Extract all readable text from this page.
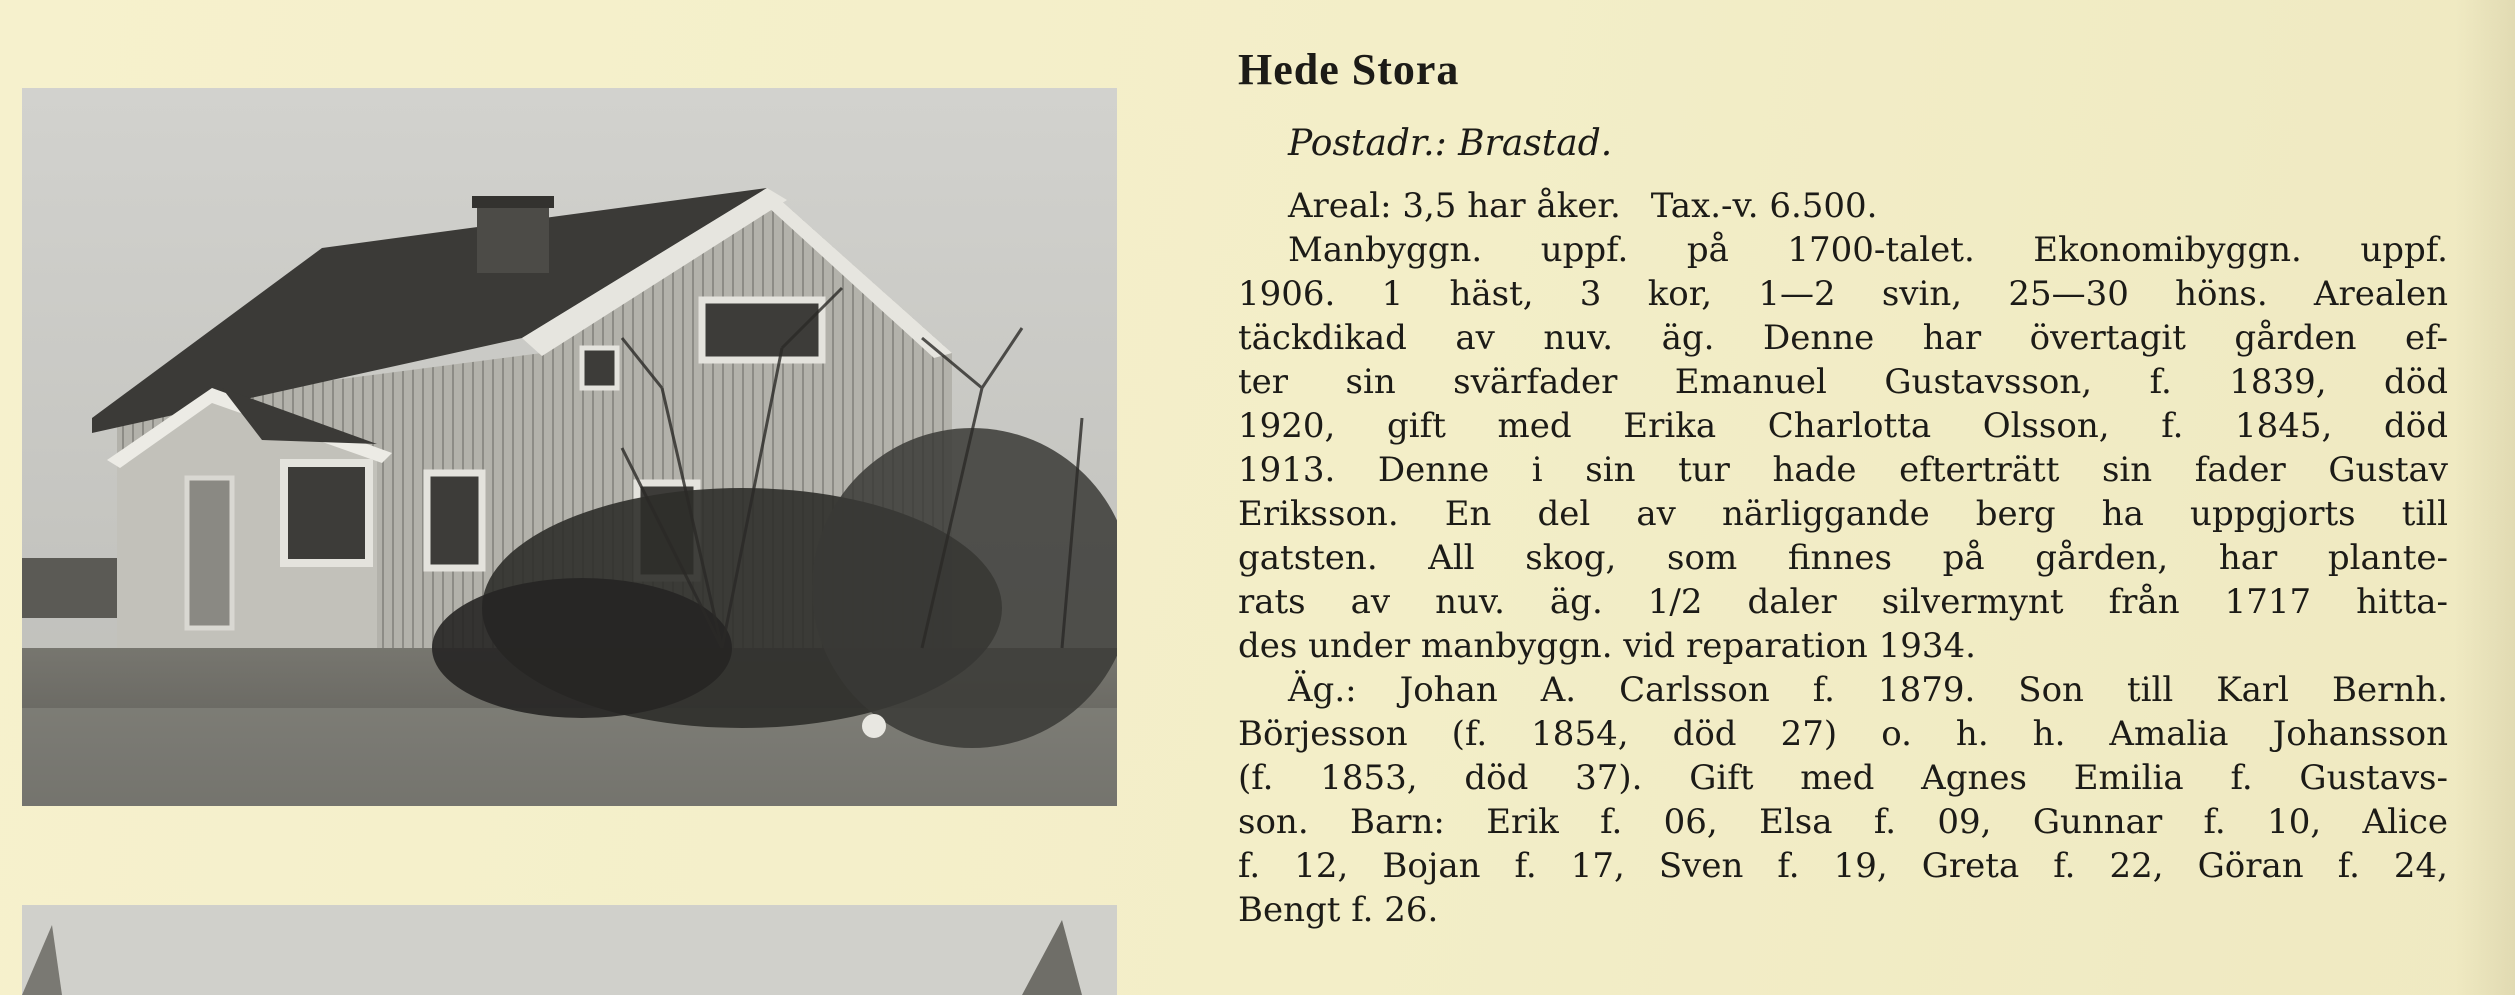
Hede Stora
Postadr.: Brastad.
Areal: 3,5 har åker. Tax.-v. 6.500.
Manbyggn. uppf. på 1700-talet. Ekonomibyggn. uppf.
1906. 1 häst, 3 kor, 1—2 svin, 25—30 höns. Arealen
täckdikad av nuv. äg. Denne har övertagit gården ef-
ter sin svärfader Emanuel Gustavsson, f. 1839, död
1920, gift med Erika Charlotta Olsson, f. 1845, död
1913. Denne i sin tur hade efterträtt sin fader Gustav
Eriksson. En del av närliggande berg ha uppgjorts till
gatsten. All skog, som finnes på gården, har plante-
rats av nuv. äg. 1/2 daler silvermynt från 1717 hitta-
des under manbyggn. vid reparation 1934.
Äg.: Johan A. Carlsson f. 1879. Son till Karl Bernh.
Börjesson (f. 1854, död 27) o. h. h. Amalia Johansson
(f. 1853, död 37). Gift med Agnes Emilia f. Gustavs-
son. Barn: Erik f. 06, Elsa f. 09, Gunnar f. 10, Alice
f. 12, Bojan f. 17, Sven f. 19, Greta f. 22, Göran f. 24,
Bengt f. 26.
